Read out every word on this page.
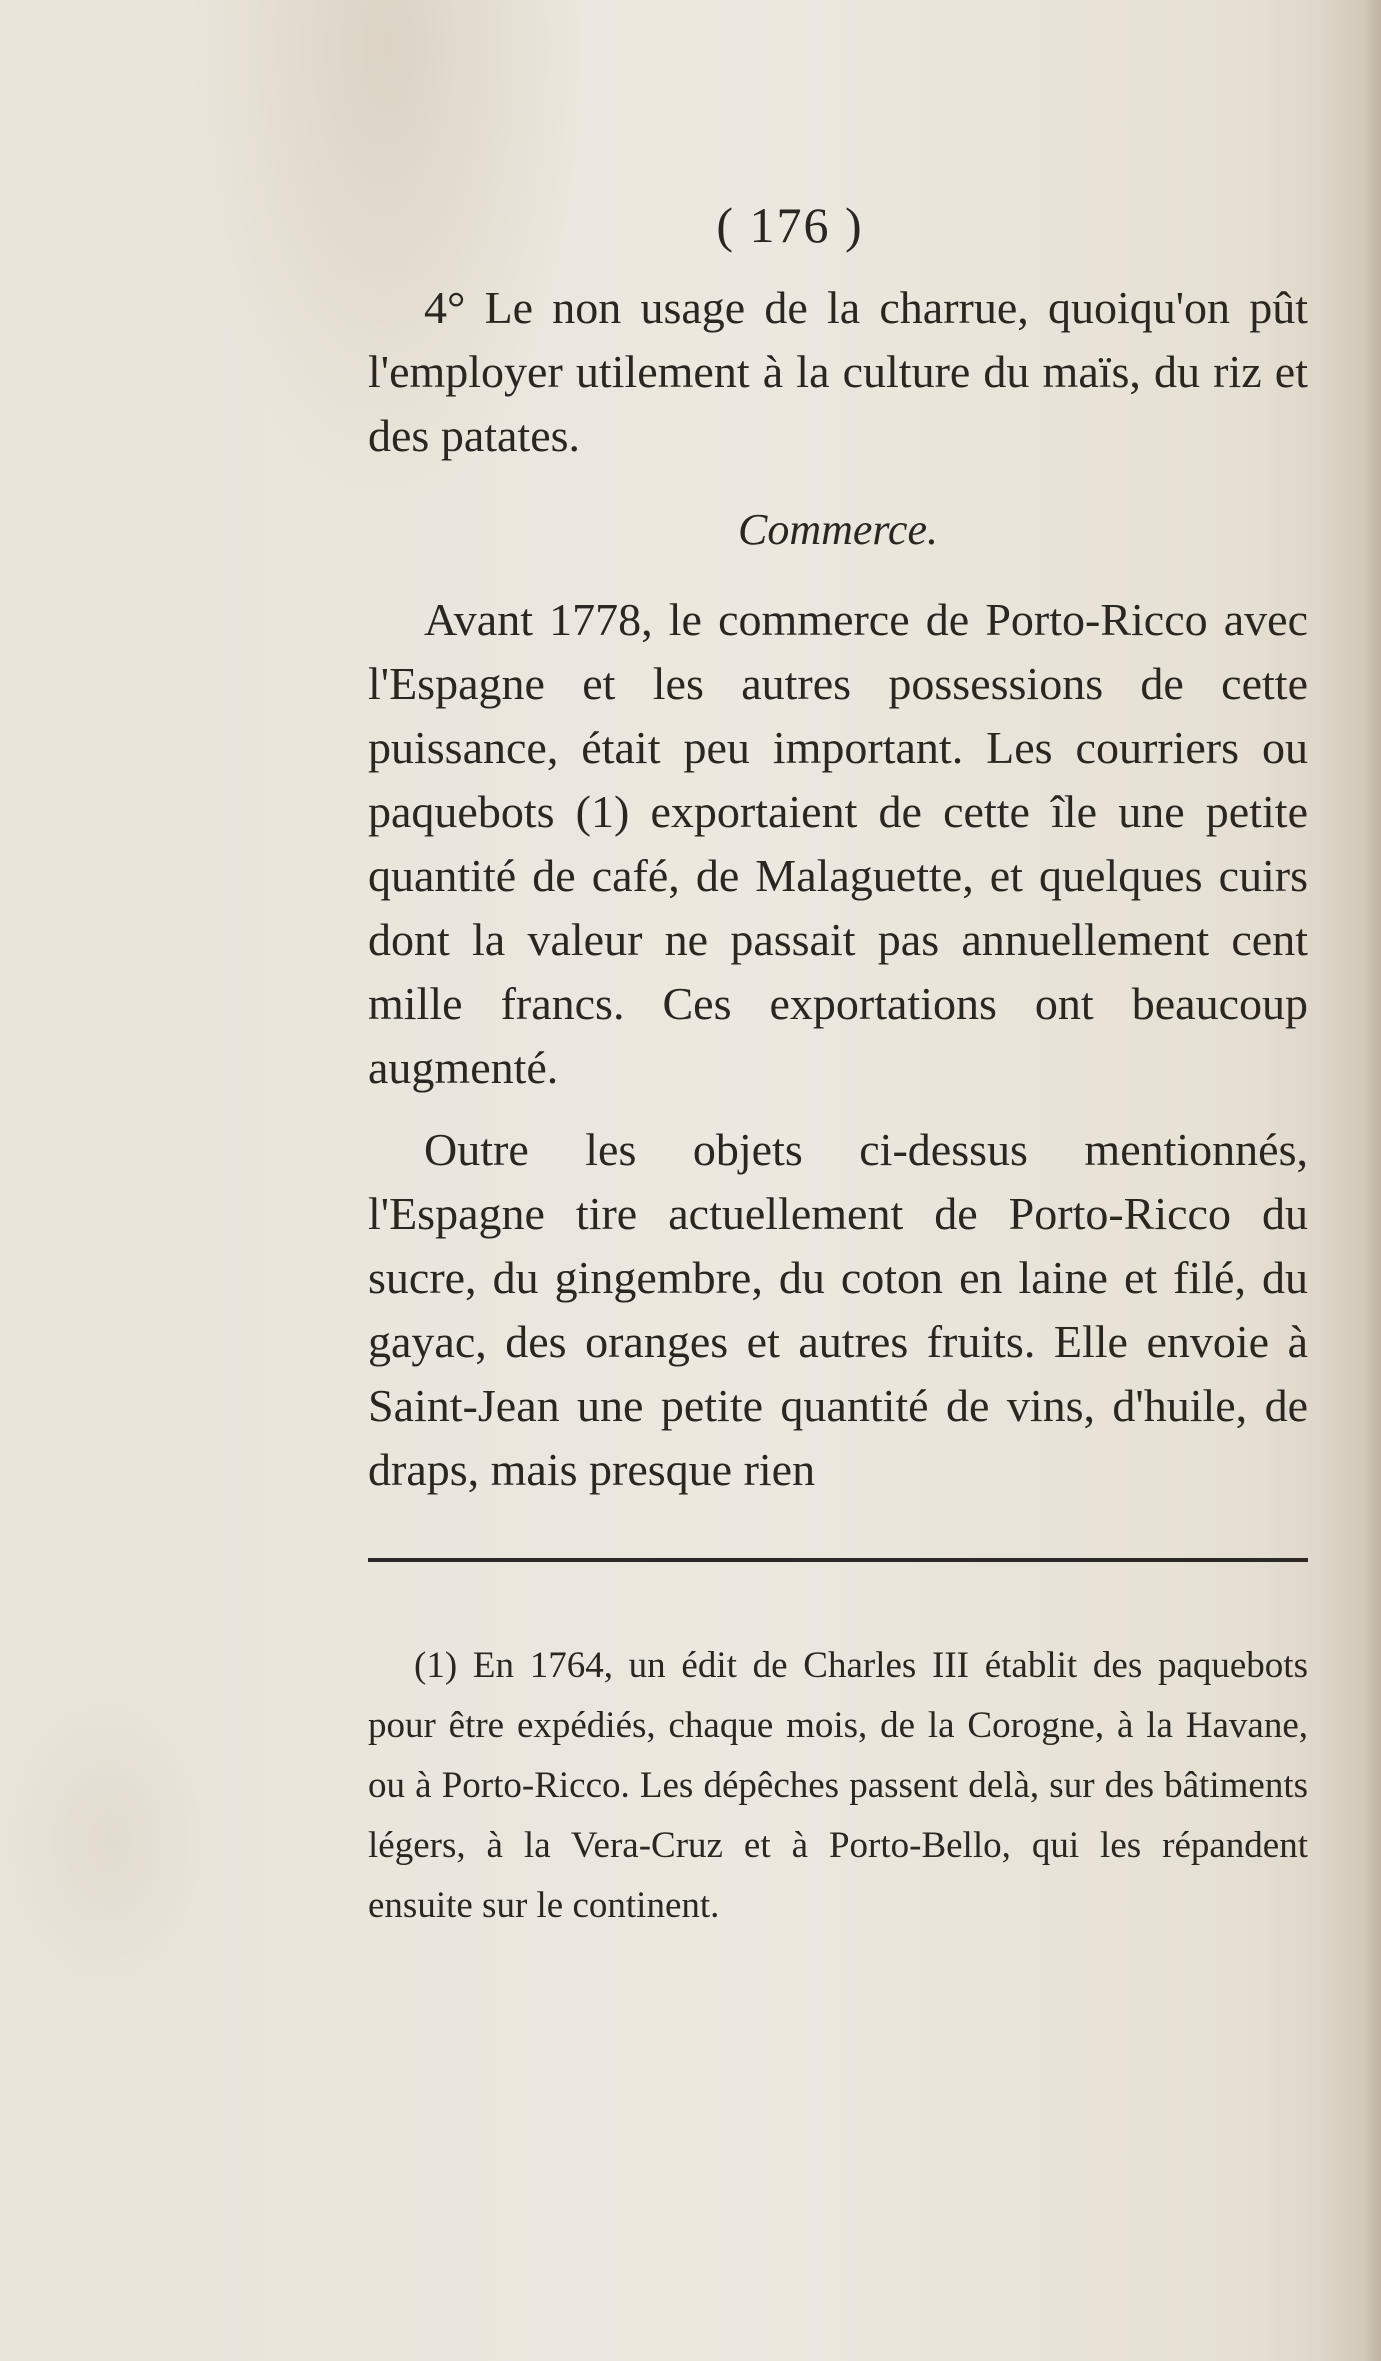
( 176 )

4° Le non usage de la charrue, quoiqu'on pût l'employer utilement à la culture du maïs, du riz et des patates.

Commerce.

Avant 1778, le commerce de Porto-Ricco avec l'Espagne et les autres possessions de cette puissance, était peu important. Les courriers ou paquebots (1) exportaient de cette île une petite quantité de café, de Malaguette, et quelques cuirs dont la valeur ne passait pas annuellement cent mille francs. Ces exportations ont beaucoup augmenté.

Outre les objets ci-dessus mentionnés, l'Espagne tire actuellement de Porto-Ricco du sucre, du gingembre, du coton en laine et filé, du gayac, des oranges et autres fruits. Elle envoie à Saint-Jean une petite quantité de vins, d'huile, de draps, mais presque rien

(1) En 1764, un édit de Charles III établit des paquebots pour être expédiés, chaque mois, de la Corogne, à la Havane, ou à Porto-Ricco. Les dépêches passent delà, sur des bâtiments légers, à la Vera-Cruz et à Porto-Bello, qui les répandent ensuite sur le continent.
